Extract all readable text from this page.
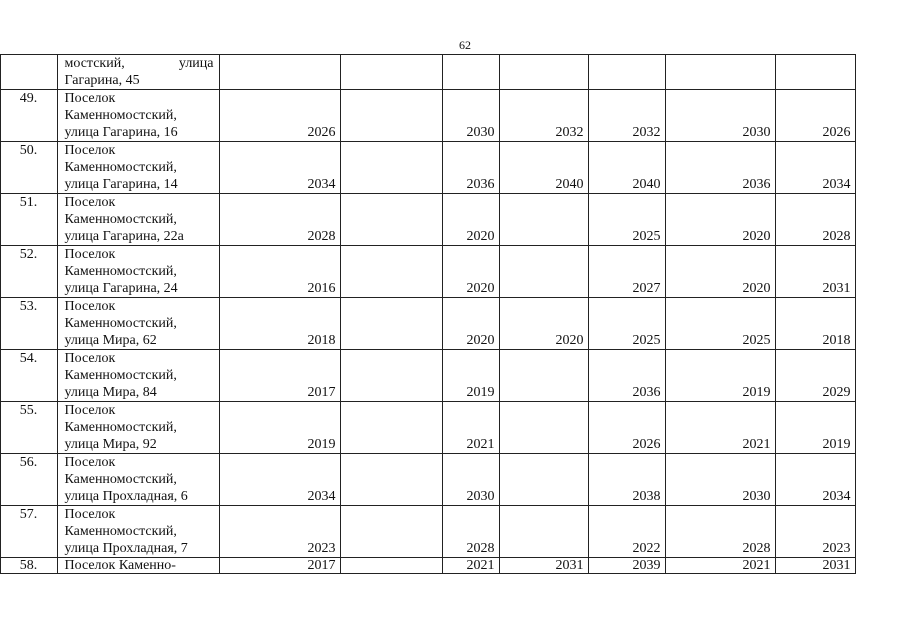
62

		мостский, улица Гагарина, 45							

	49.	Поселок Каменномостский, улица Гагарина, 16	2026		2030	2032	2032	2030	2026
	50.	Поселок Каменномостский, улица Гагарина, 14	2034		2036	2040	2040	2036	2034
	51.	Поселок Каменномостский, улица Гагарина, 22а	2028		2020		2025	2020	2028
	52.	Поселок Каменномостский, улица Гагарина, 24	2016		2020		2027	2020	2031
	53.	Поселок Каменномостский, улица Мира, 62	2018		2020	2020	2025	2025	2018
	54.	Поселок Каменномостский, улица Мира, 84	2017		2019		2036	2019	2029
	55.	Поселок Каменномостский, улица Мира, 92	2019		2021		2026	2021	2019
	56.	Поселок Каменномостский, улица Прохладная, 6	2034		2030		2038	2030	2034
	57.	Поселок Каменномостский, улица Прохладная, 7	2023		2028		2022	2028	2023
	58.	Поселок Каменно-	2017		2021	2031	2039	2021	2031
